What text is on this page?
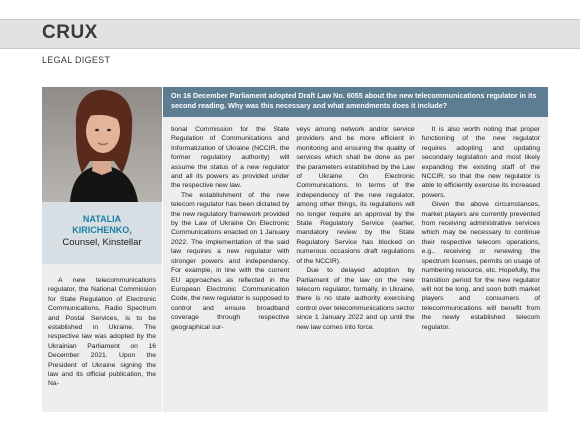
CRUX
LEGAL DIGEST
NATALIA
KIRICHENKO,
Counsel, Kinstellar

A new telecommunications regulator, the National Commission for State Regulation of Electronic Communications, Radio Spectrum and Postal Services, is to be established in Ukraine. The respective law was adopted by the Ukrainian Parliament on 16 December 2021. Upon the President of Ukraine signing the law and its official publication, the Na-

On 16 December Parliament adopted Draft Law No. 6055 about the new telecommunications regulator in its second reading. Why was this necessary and what amendments does it include?

tional Commission for the State Regulation of Communications and Informatization of Ukraine (NCCIR, the former regulatory authority) will assume the status of a new regulator and all its powers as provided under the respective new law.

The establishment of the new telecom regulator has been dictated by the new regulatory framework provided by the Law of Ukraine On Electronic Communications enacted on 1 January 2022. The implementation of the said law requires a new regulator with stronger powers and independency. For example, in line with the current EU approaches as reflected in the European Electronic Communication Code, the new regulator is supposed to control and ensure broadband coverage through respective geographical sur-

veys among network and/or service providers and be more efficient in monitoring and ensuring the quality of services which shall be done as per the parameters established by the Law of Ukraine On Electronic Communications. In terms of the independency of the new regulator, among other things, its regulations will no longer require an approval by the State Regulatory Service (earlier, mandatory review by the State Regulatory Service has blocked on numerous occasions draft regulations of the NCCIR).

Due to delayed adoption by Parliament of the law on the new telecom regulator, formally, in Ukraine, there is no state authority exercising control over telecommunications sector since 1 January 2022 and up until the new law comes into force.

It is also worth noting that proper functioning of the new regulator requires adopting and updating secondary legislation and most likely expanding the existing staff of the NCCIR, so that the new regulator is able to efficiently exercise its increased powers.

Given the above circumstances, market players are currently prevented from receiving administrative services which may be necessary to continue their respective telecom operations, e.g., receiving or renewing the spectrum licenses, permits on usage of numbering resource, etc. Hopefully, the transition period for the new regulator will not be long, and soon both market players and consumers of telecommunications will benefit from the newly established telecom regulator.
